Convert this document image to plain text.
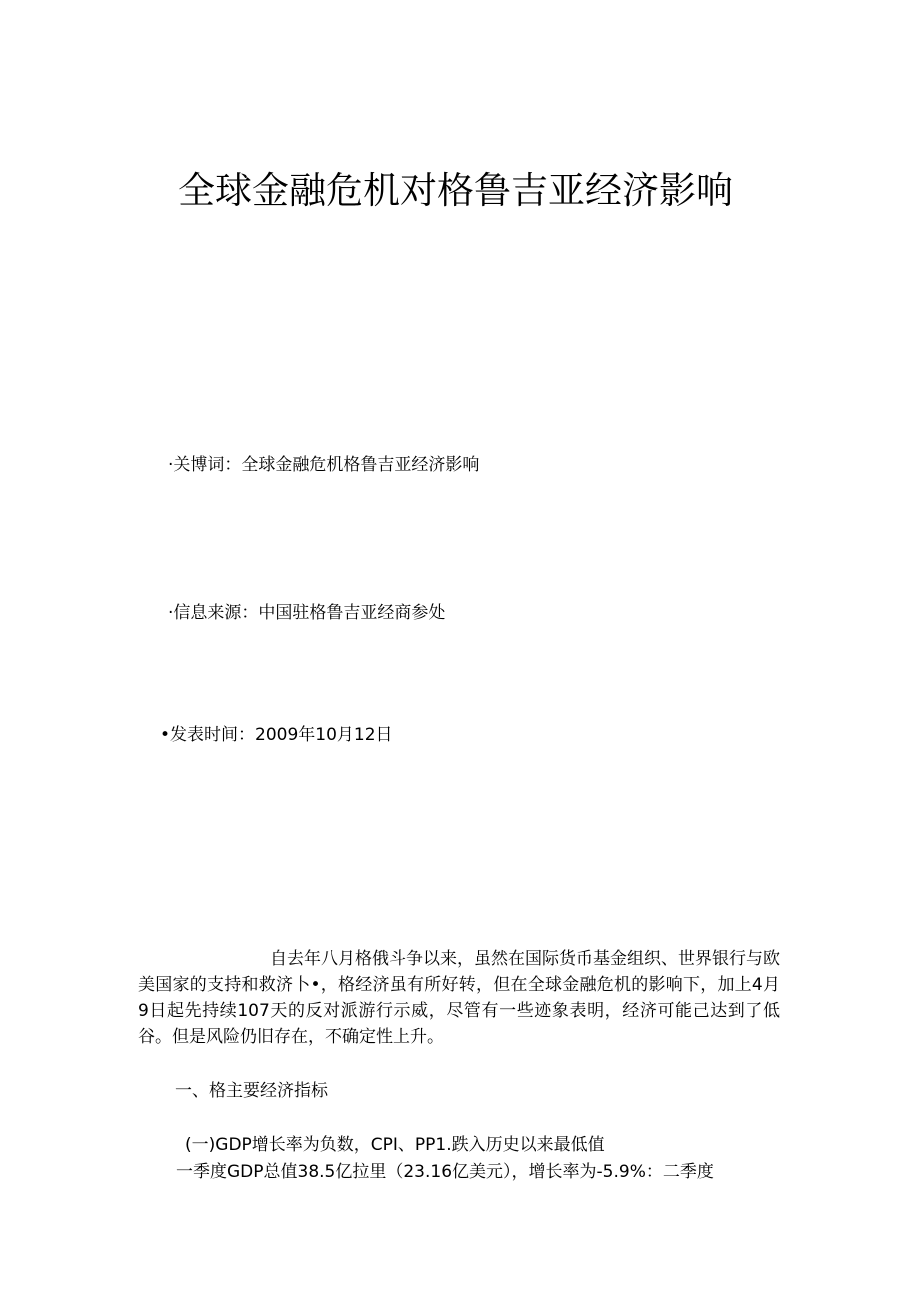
全球金融危机对格鲁吉亚经济影响
·关博词：全球金融危机格鲁吉亚经济影响
·信息来源：中国驻格鲁吉亚经商参处
•发表时间：2009年10月12日

自去年八月格俄斗争以来，虽然在国际货币基金组织、世界银行与欧美国家的支持和救济卜•，格经济虽有所好转，但在全球金融危机的影响下，加上4月9日起先持续107天的反对派游行示威，尽管有一些迹象表明，经济可能己达到了低谷。但是风险仍旧存在，不确定性上升。

一、格主要经济指标
(一)GDP增长率为负数，CPI、PP1.跌入历史以来最低值
一季度GDP总值38.5亿拉里（23.16亿美元），增长率为-5.9%：二季度
